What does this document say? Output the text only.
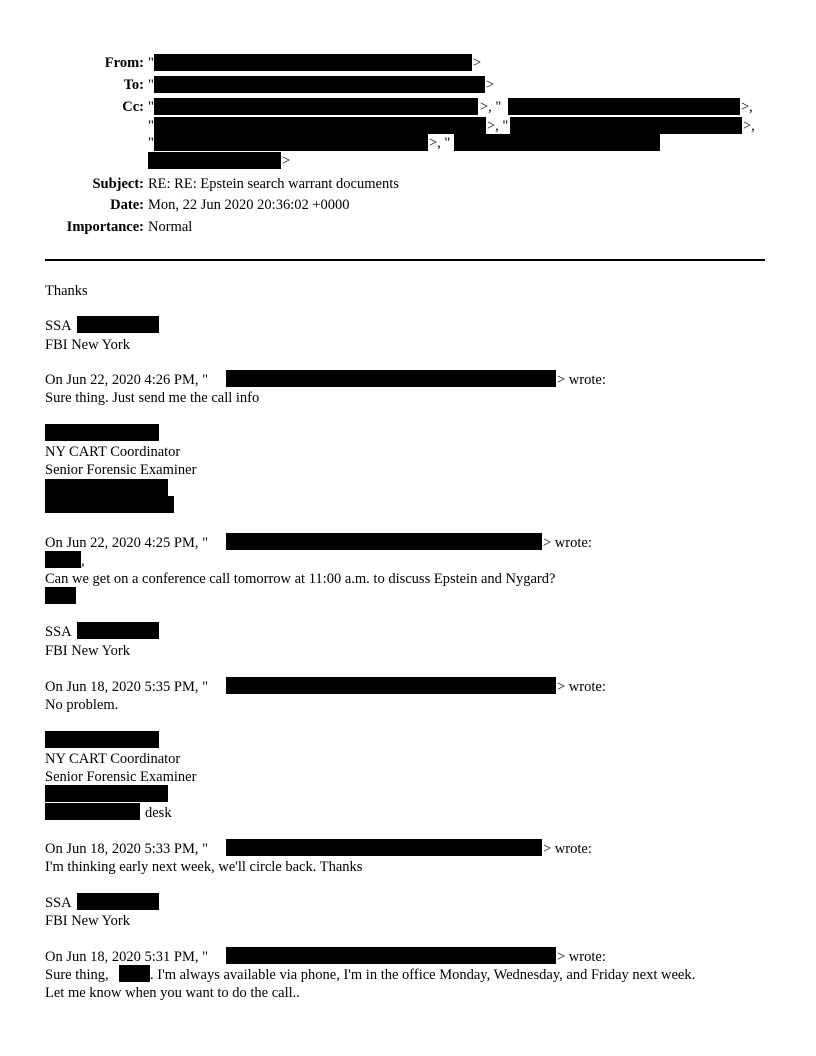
From: "	>
To: "	>
Cc: "	>, "	>,
"	>, "	>,
"	>, "
>
Subject: RE: RE: Epstein search warrant documents
Date: Mon, 22 Jun 2020 20:36:02 +0000
Importance: Normal
Thanks
SSA
FBI New York
On Jun 22, 2020 4:26 PM, "	> wrote:
Sure thing. Just send me the call info
NY CART Coordinator
Senior Forensic Examiner
On Jun 22, 2020 4:25 PM, "	> wrote:
,
Can we get on a conference call tomorrow at 11:00 a.m. to discuss Epstein and Nygard?
SSA
FBI New York
On Jun 18, 2020 5:35 PM, "	> wrote:
No problem.
NY CART Coordinator
Senior Forensic Examiner
desk
On Jun 18, 2020 5:33 PM, "	> wrote:
I'm thinking early next week, we'll circle back. Thanks
SSA
FBI New York
On Jun 18, 2020 5:31 PM, "	> wrote:
Sure thing,	. I'm always available via phone, I'm in the office Monday, Wednesday, and Friday next week.
Let me know when you want to do the call..
